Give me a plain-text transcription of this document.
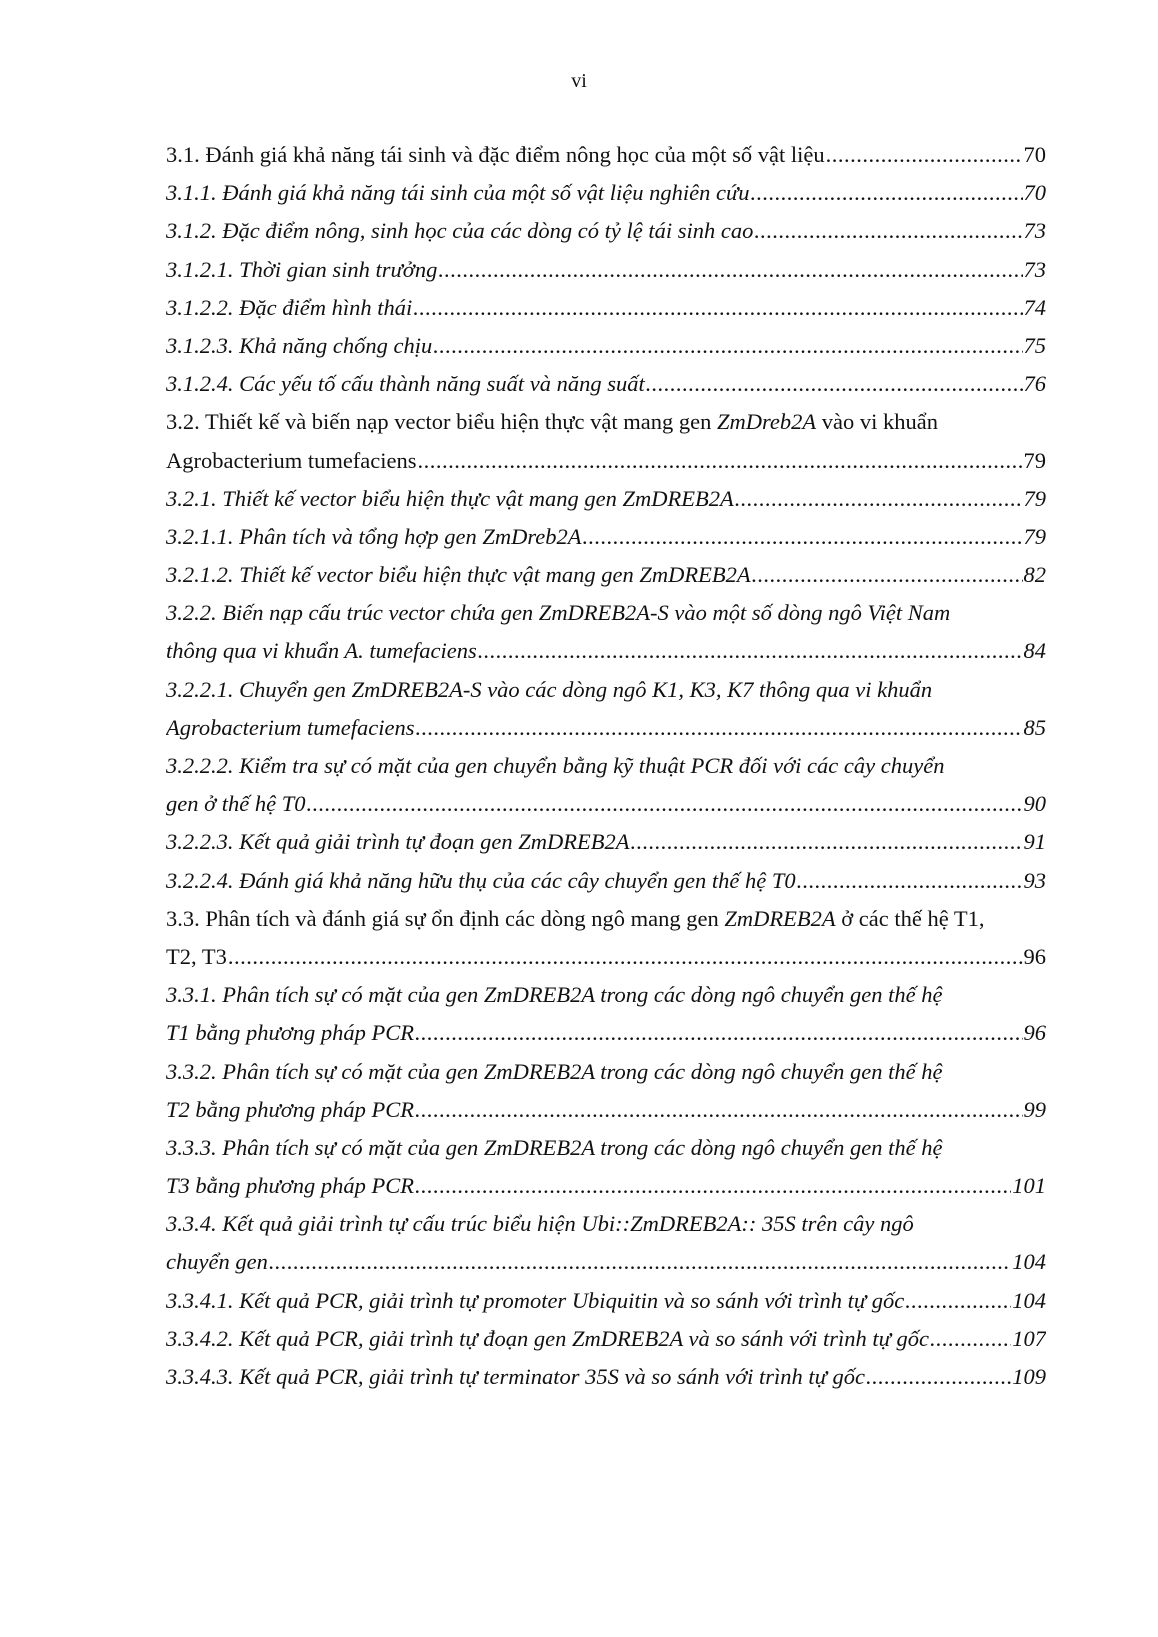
vi
3.1. Đánh giá khả năng tái sinh và đặc điểm nông học của một số vật liệu .....	70
3.1.1. Đánh giá khả năng tái sinh của một số vật liệu nghiên cứu .....	70
3.1.2. Đặc điểm nông, sinh học của các dòng có tỷ lệ tái sinh cao .....	73
3.1.2.1. Thời gian sinh trưởng .....	73
3.1.2.2. Đặc điểm hình thái .....	74
3.1.2.3. Khả năng chống chịu .....	75
3.1.2.4. Các yếu tố cấu thành năng suất và năng suất .....	76
3.2. Thiết kế và biến nạp vector biểu hiện thực vật mang gen ZmDreb2A vào vi khuẩn
Agrobacterium tumefaciens .....	79
3.2.1. Thiết kế vector biểu hiện thực vật mang gen ZmDREB2A .....	79
3.2.1.1. Phân tích và tổng hợp gen ZmDreb2A .....	79
3.2.1.2. Thiết kế vector biểu hiện thực vật mang gen ZmDREB2A .....	82
3.2.2. Biến nạp cấu trúc vector chứa gen ZmDREB2A-S vào một số dòng ngô Việt Nam
thông qua vi khuẩn A. tumefaciens .....	84
3.2.2.1. Chuyển gen ZmDREB2A-S vào các dòng ngô K1, K3, K7 thông qua vi khuẩn
Agrobacterium tumefaciens .....	85
3.2.2.2. Kiểm tra sự có mặt của gen chuyển bằng kỹ thuật PCR đối với các cây chuyển
gen ở thế hệ T0 .....	90
3.2.2.3. Kết quả giải trình tự đoạn gen ZmDREB2A .....	91
3.2.2.4. Đánh giá khả năng hữu thụ của các cây chuyển gen thế hệ T0 .....	93
3.3. Phân tích và đánh giá sự ổn định các dòng ngô mang gen ZmDREB2A ở các thế hệ T1,
T2, T3 .....	96
3.3.1. Phân tích sự có mặt của gen ZmDREB2A trong các dòng ngô chuyển gen thế hệ
T1 bằng phương pháp PCR .....	96
3.3.2. Phân tích sự có mặt của gen ZmDREB2A trong các dòng ngô chuyển gen thế hệ
T2 bằng phương pháp PCR .....	99
3.3.3. Phân tích sự có mặt của gen ZmDREB2A trong các dòng ngô chuyển gen thế hệ
T3 bằng phương pháp PCR .....	101
3.3.4. Kết quả giải trình tự cấu trúc biểu hiện Ubi::ZmDREB2A:: 35S trên cây ngô
chuyển gen .....	104
3.3.4.1. Kết quả PCR, giải trình tự promoter Ubiquitin và so sánh với trình tự gốc .....	104
3.3.4.2. Kết quả PCR, giải trình tự đoạn gen ZmDREB2A và so sánh với trình tự gốc .....	107
3.3.4.3. Kết quả PCR, giải trình tự terminator 35S và so sánh với trình tự gốc .....	109
